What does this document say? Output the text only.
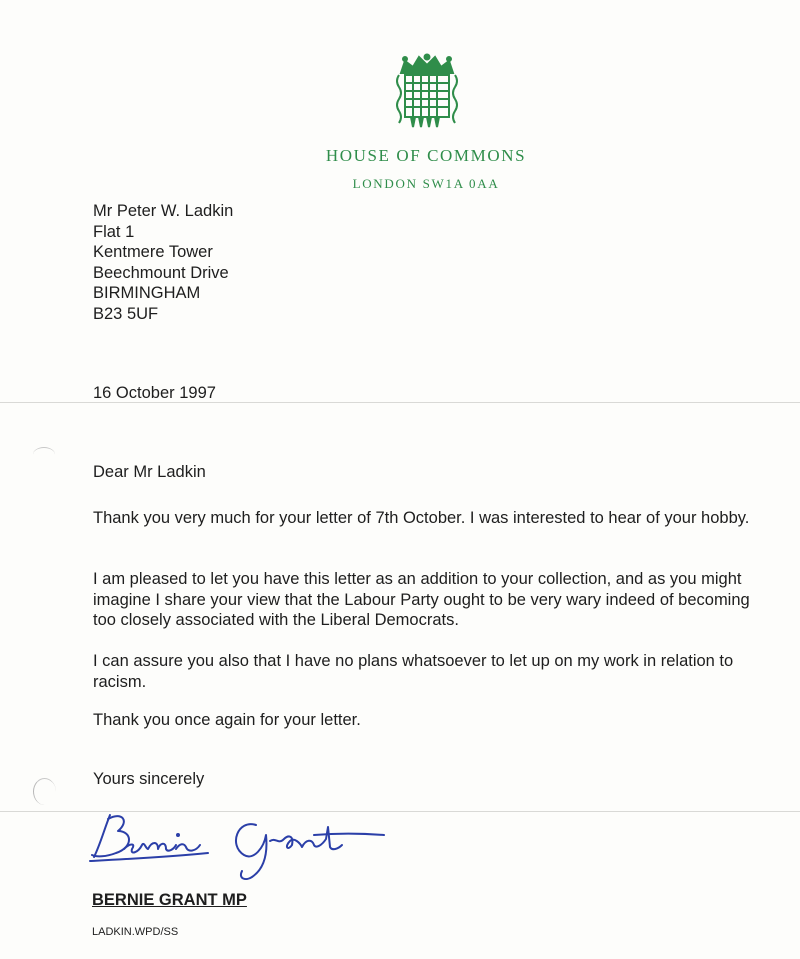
HOUSE OF COMMONS
LONDON SW1A 0AA
Mr Peter W. Ladkin
Flat 1
Kentmere Tower
Beechmount Drive
BIRMINGHAM
B23 5UF
16 October 1997
Dear Mr Ladkin
Thank you very much for your letter of 7th October. I was interested to hear of your hobby.
I am pleased to let you have this letter as an addition to your collection, and as you might imagine I share your view that the Labour Party ought to be very wary indeed of becoming too closely associated with the Liberal Democrats.
I can assure you also that I have no plans whatsoever to let up on my work in relation to racism.
Thank you once again for your letter.
Yours sincerely
BERNIE GRANT MP
LADKIN.WPD/SS
